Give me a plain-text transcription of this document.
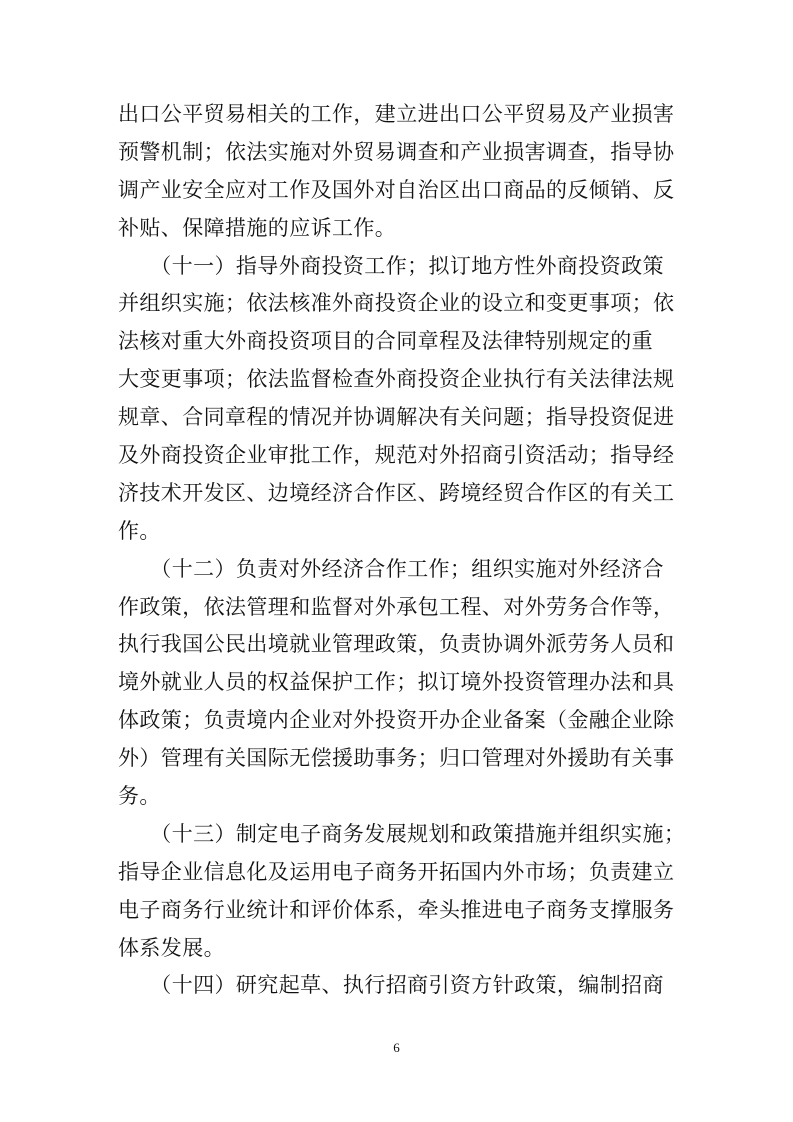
出口公平贸易相关的工作，建立进出口公平贸易及产业损害
预警机制；依法实施对外贸易调查和产业损害调查，指导协
调产业安全应对工作及国外对自治区出口商品的反倾销、反
补贴、保障措施的应诉工作。
　　（十一）指导外商投资工作；拟订地方性外商投资政策
并组织实施；依法核准外商投资企业的设立和变更事项；依
法核对重大外商投资项目的合同章程及法律特别规定的重
大变更事项；依法监督检查外商投资企业执行有关法律法规
规章、合同章程的情况并协调解决有关问题；指导投资促进
及外商投资企业审批工作，规范对外招商引资活动；指导经
济技术开发区、边境经济合作区、跨境经贸合作区的有关工
作。
　　（十二）负责对外经济合作工作；组织实施对外经济合
作政策，依法管理和监督对外承包工程、对外劳务合作等，
执行我国公民出境就业管理政策，负责协调外派劳务人员和
境外就业人员的权益保护工作；拟订境外投资管理办法和具
体政策；负责境内企业对外投资开办企业备案（金融企业除
外）管理有关国际无偿援助事务；归口管理对外援助有关事
务。
　　（十三）制定电子商务发展规划和政策措施并组织实施；
指导企业信息化及运用电子商务开拓国内外市场；负责建立
电子商务行业统计和评价体系，牵头推进电子商务支撑服务
体系发展。
　　（十四）研究起草、执行招商引资方针政策，编制招商
6
